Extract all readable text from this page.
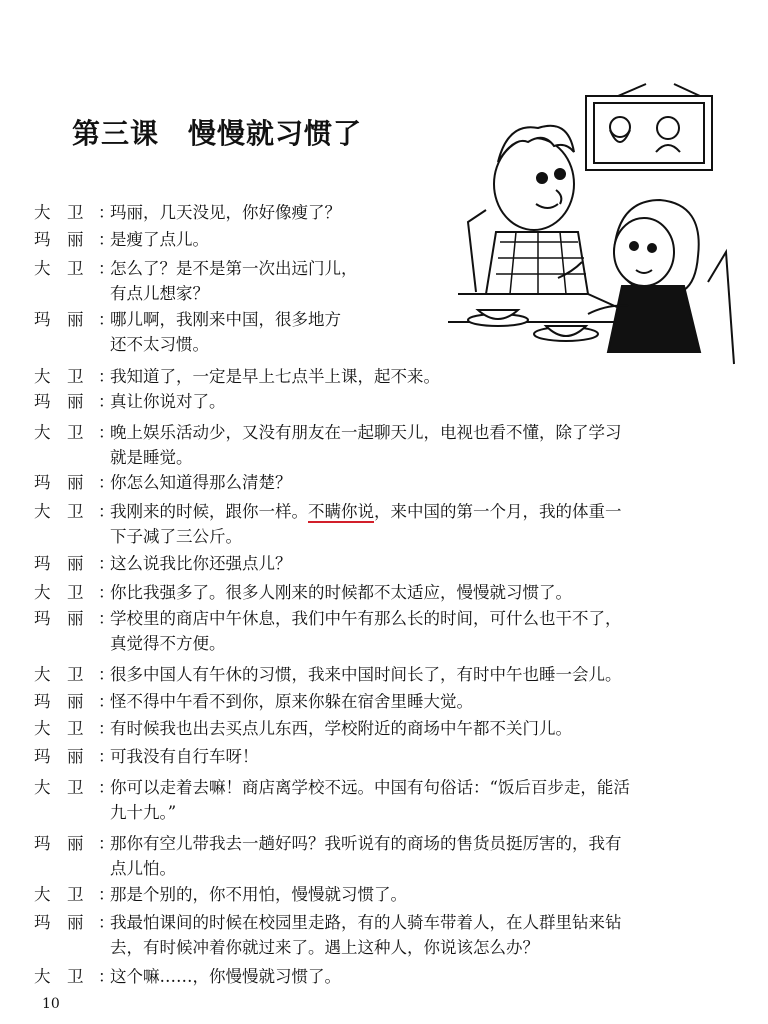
第三课　慢慢就习惯了
大　卫 ：
玛丽，几天没见，你好像瘦了？
玛　丽 ：
是瘦了点儿。
大　卫 ：
怎么了？是不是第一次出远门儿，
有点儿想家？
玛　丽 ：
哪儿啊，我刚来中国，很多地方
还不太习惯。
大　卫 ：
我知道了，一定是早上七点半上课，起不来。
玛　丽 ：
真让你说对了。
大　卫 ：
晚上娱乐活动少，又没有朋友在一起聊天儿，电视也看不懂，除了学习
就是睡觉。
玛　丽 ：
你怎么知道得那么清楚？
大　卫 ：
我刚来的时候，跟你一样。不瞒你说，来中国的第一个月，我的体重一
下子减了三公斤。
玛　丽 ：
这么说我比你还强点儿？
大　卫 ：
你比我强多了。很多人刚来的时候都不太适应，慢慢就习惯了。
玛　丽 ：
学校里的商店中午休息，我们中午有那么长的时间，可什么也干不了，
真觉得不方便。
大　卫 ：
很多中国人有午休的习惯，我来中国时间长了，有时中午也睡一会儿。
玛　丽 ：
怪不得中午看不到你，原来你躲在宿舍里睡大觉。
大　卫 ：
有时候我也出去买点儿东西，学校附近的商场中午都不关门儿。
玛　丽 ：
可我没有自行车呀！
大　卫 ：
你可以走着去嘛！商店离学校不远。中国有句俗话：“饭后百步走，能活
九十九。”
玛　丽 ：
那你有空儿带我去一趟好吗？我听说有的商场的售货员挺厉害的，我有
点儿怕。
大　卫 ：
那是个别的，你不用怕，慢慢就习惯了。
玛　丽 ：
我最怕课间的时候在校园里走路，有的人骑车带着人，在人群里钻来钻
去，有时候冲着你就过来了。遇上这种人，你说该怎么办？
大　卫 ：
这个嘛……，你慢慢就习惯了。
10
